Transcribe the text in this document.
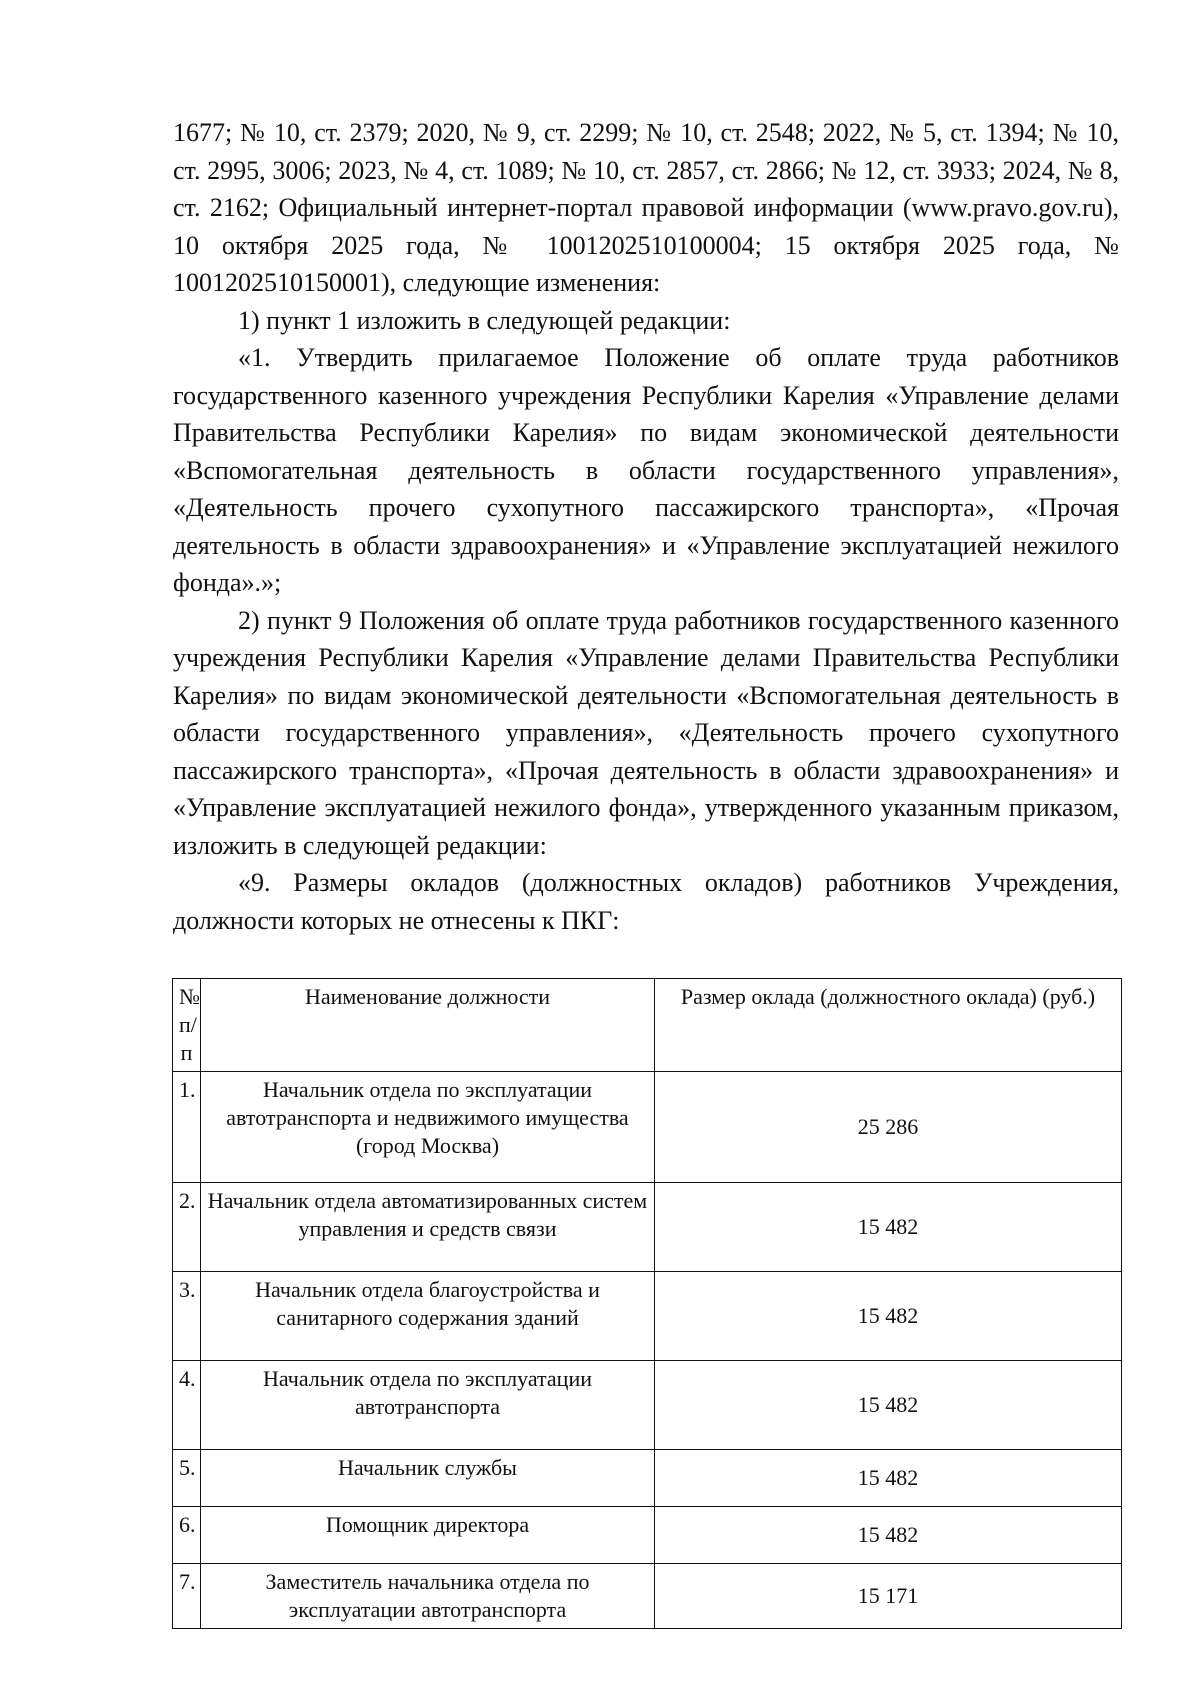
1677; № 10, ст. 2379; 2020, № 9, ст. 2299; № 10, ст. 2548; 2022, № 5, ст. 1394; № 10, ст. 2995, 3006; 2023, № 4, ст. 1089; № 10, ст. 2857, ст. 2866; № 12, ст. 3933; 2024, № 8, ст. 2162; Официальный интернет-портал правовой информации (www.pravo.gov.ru), 10 октября 2025 года, № 1001202510100004; 15 октября 2025 года, № 1001202510150001), следующие изменения:

1) пункт 1 изложить в следующей редакции:

«1. Утвердить прилагаемое Положение об оплате труда работников государственного казенного учреждения Республики Карелия «Управление делами Правительства Республики Карелия» по видам экономической деятельности «Вспомогательная деятельность в области государственного управления», «Деятельность прочего сухопутного пассажирского транспорта», «Прочая деятельность в области здравоохранения» и «Управление эксплуатацией нежилого фонда».»;

2) пункт 9 Положения об оплате труда работников государственного казенного учреждения Республики Карелия «Управление делами Правительства Республики Карелия» по видам экономической деятельности «Вспомогательная деятельность в области государственного управления», «Деятельность прочего сухопутного пассажирского транспорта», «Прочая деятельность в области здравоохранения» и «Управление эксплуатацией нежилого фонда», утвержденного указанным приказом, изложить в следующей редакции:

«9. Размеры окладов (должностных окладов) работников Учреждения, должности которых не отнесены к ПКГ:

№ п/п	Наименование должности	Размер оклада (должностного оклада) (руб.)
1.	Начальник отдела по эксплуатации автотранспорта и недвижимого имущества (город Москва)	25 286
2.	Начальник отдела автоматизированных систем управления и средств связи	15 482
3.	Начальник отдела благоустройства и санитарного содержания зданий	15 482
4.	Начальник отдела по эксплуатации автотранспорта	15 482
5.	Начальник службы	15 482
6.	Помощник директора	15 482
7.	Заместитель начальника отдела по эксплуатации автотранспорта	15 171
